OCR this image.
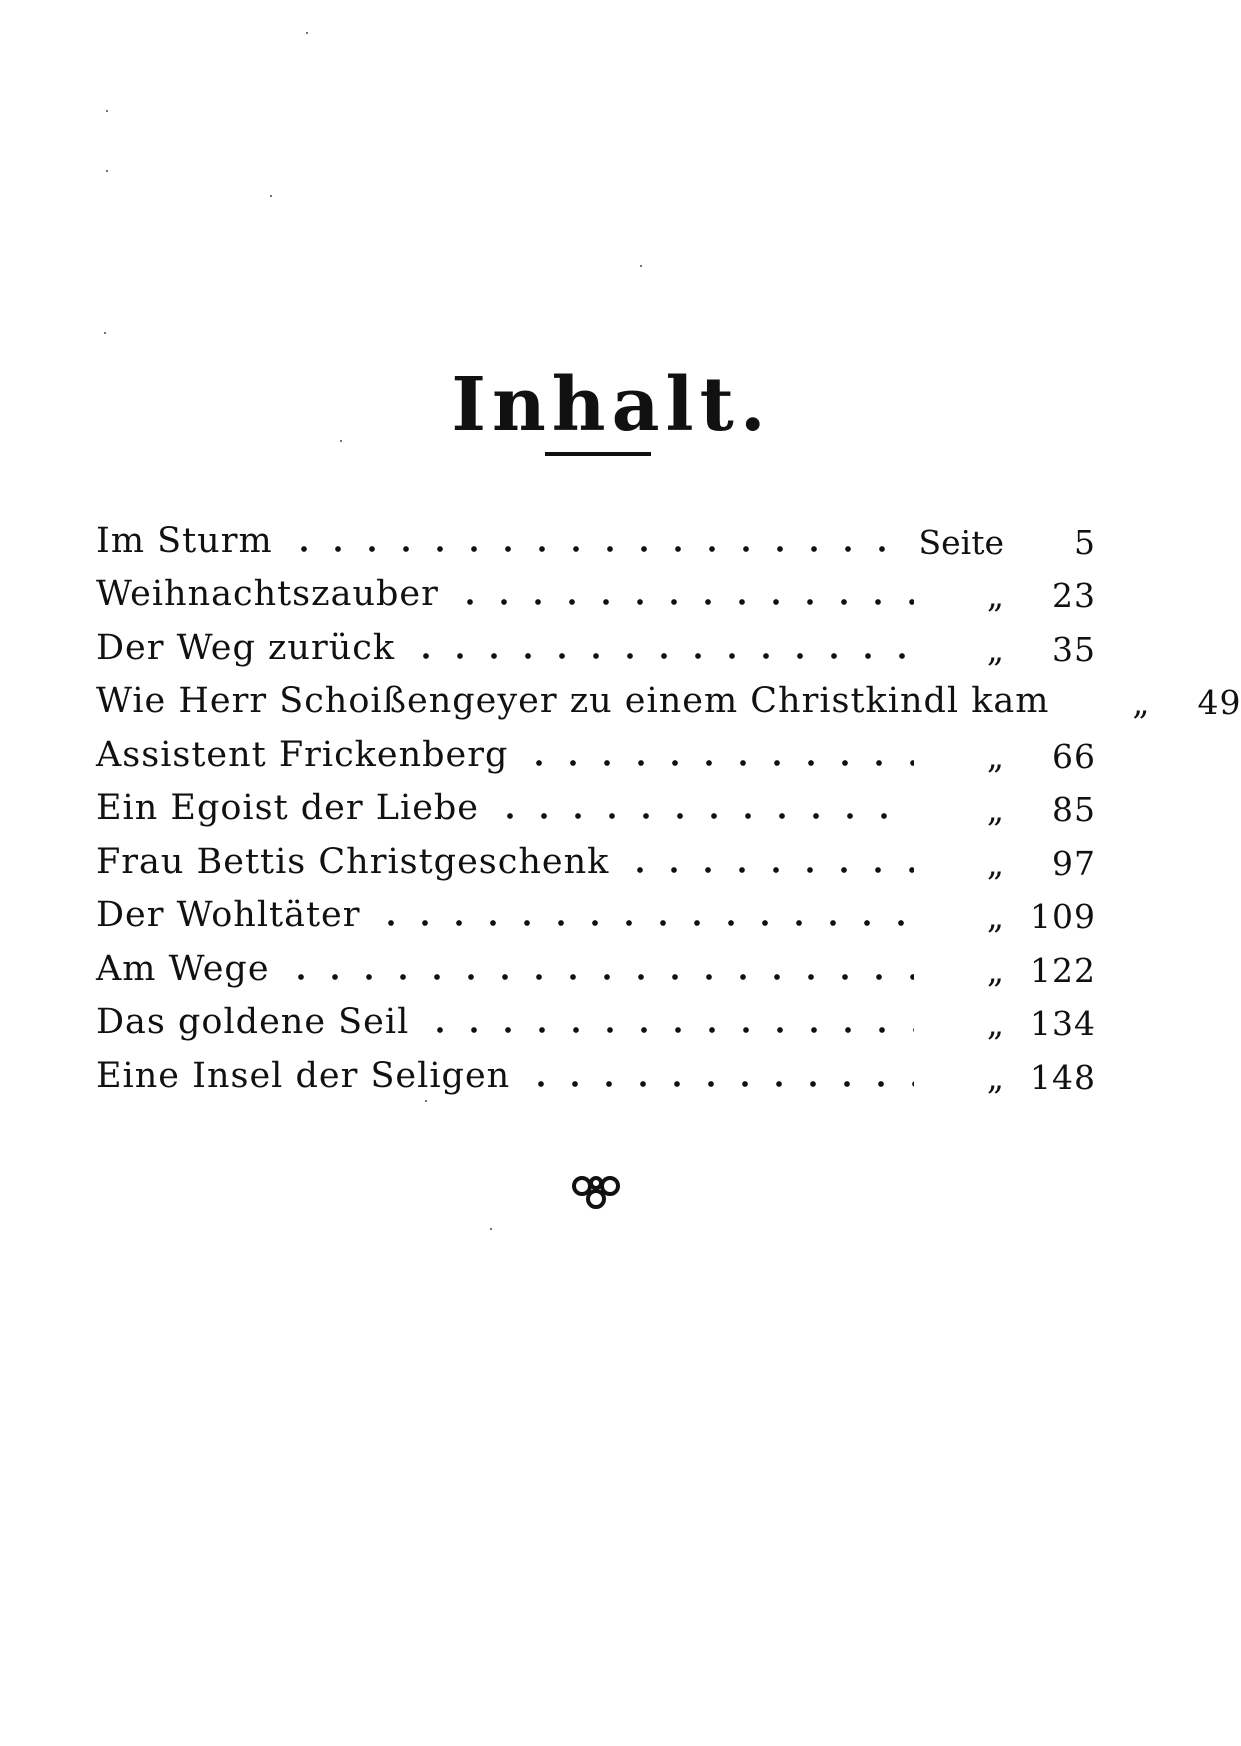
Inhalt.
Im Sturm	Seite	5
Weihnachtszauber	„	23
Der Weg zurück	„	35
Wie Herr Schoißengeyer zu einem Christkindl kam	„	49
Assistent Frickenberg	„	66
Ein Egoist der Liebe	„	85
Frau Bettis Christgeschenk	„	97
Der Wohltäter	„ 109
Am Wege	„ 122
Das goldene Seil	„ 134
Eine Insel der Seligen	„ 148
